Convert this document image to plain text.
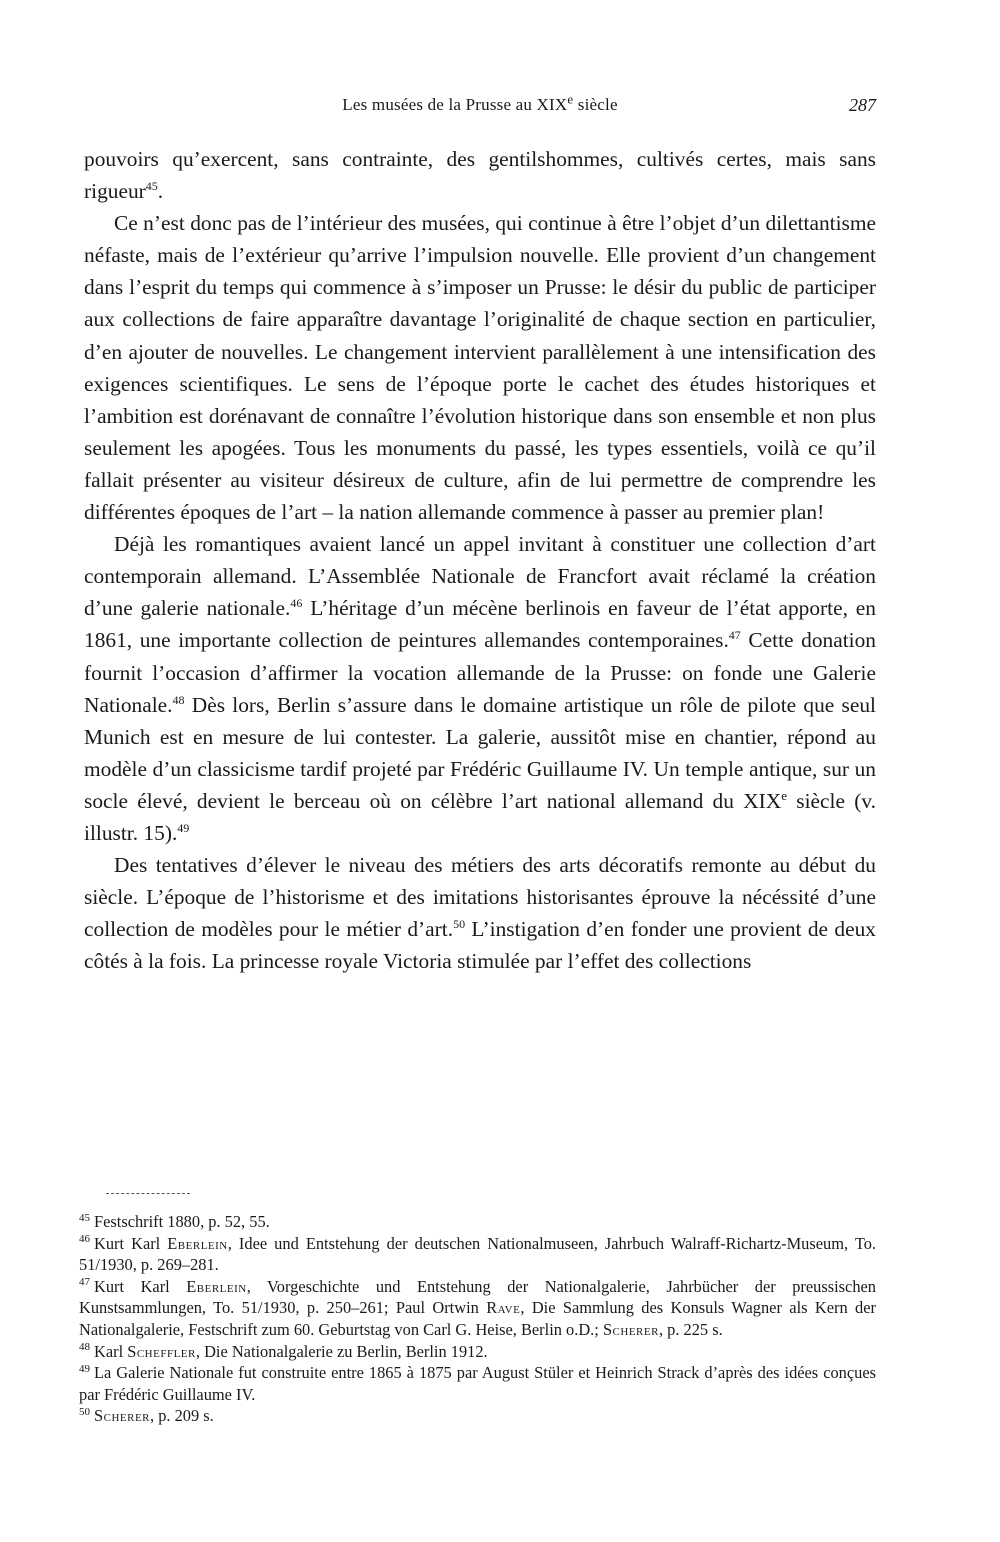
Les musées de la Prusse au XIXe siècle	287

pouvoirs qu’exercent, sans contrainte, des gentilshommes, cultivés certes, mais sans rigueur$^{45}$.

Ce n’est donc pas de l’intérieur des musées, qui continue à être l’objet d’un dilettantisme néfaste, mais de l’extérieur qu’arrive l’impulsion nouvelle. Elle provient d’un changement dans l’esprit du temps qui commence à s’imposer un Prusse: le désir du public de participer aux collections de faire apparaître davantage l’originalité de chaque section en particulier, d’en ajouter de nouvelles. Le changement intervient parallèlement à une intensification des exigences scientifiques. Le sens de l’époque porte le cachet des études historiques et l’ambition est dorénavant de connaître l’évolution historique dans son ensemble et non plus seulement les apogées. Tous les monuments du passé, les types essentiels, voilà ce qu’il fallait présenter au visiteur désireux de culture, afin de lui permettre de comprendre les différentes époques de l’art – la nation allemande commence à passer au premier plan!

Déjà les romantiques avaient lancé un appel invitant à constituer une collection d’art contemporain allemand. L’Assemblée Nationale de Francfort avait réclamé la création d’une galerie nationale.$^{46}$ L’héritage d’un mécène berlinois en faveur de l’état apporte, en 1861, une importante collection de peintures allemandes contemporaines.$^{47}$ Cette donation fournit l’occasion d’affirmer la vocation allemande de la Prusse: on fonde une Galerie Nationale.$^{48}$ Dès lors, Berlin s’assure dans le domaine artistique un rôle de pilote que seul Munich est en mesure de lui contester. La galerie, aussitôt mise en chantier, répond au modèle d’un classicisme tardif projeté par Frédéric Guillaume IV. Un temple antique, sur un socle élevé, devient le berceau où on célèbre l’art national allemand du XIXe siècle (v. illustr. 15).$^{49}$

Des tentatives d’élever le niveau des métiers des arts décoratifs remonte au début du siècle. L’époque de l’historisme et des imitations historisantes éprouve la nécéssité d’une collection de modèles pour le métier d’art.$^{50}$ L’instigation d’en fonder une provient de deux côtés à la fois. La princesse royale Victoria stimulée par l’effet des collections

$^{45}$ Festschrift 1880, p. 52, 55.

$^{46}$ Kurt Karl Eberlein, Idee und Entstehung der deutschen Nationalmuseen, Jahrbuch Walraff-Richartz-Museum, To. 51/1930, p. 269–281.

$^{47}$ Kurt Karl Eberlein, Vorgeschichte und Entstehung der Nationalgalerie, Jahrbücher der preussischen Kunstsammlungen, To. 51/1930, p. 250–261; Paul Ortwin Rave, Die Sammlung des Konsuls Wagner als Kern der Nationalgalerie, Festschrift zum 60. Geburtstag von Carl G. Heise, Berlin o.D.; Scherer, p. 225 s.

$^{48}$ Karl Scheffler, Die Nationalgalerie zu Berlin, Berlin 1912.

$^{49}$ La Galerie Nationale fut construite entre 1865 à 1875 par August Stüler et Heinrich Strack d’après des idées conçues par Frédéric Guillaume IV.

$^{50}$ Scherer, p. 209 s.
